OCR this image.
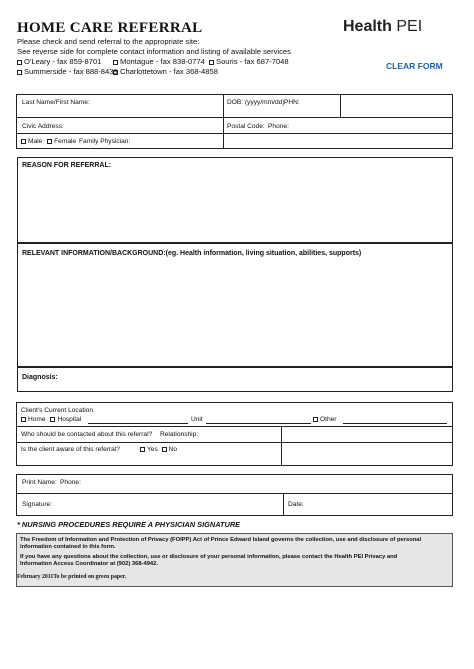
HOME CARE REFERRAL	Health PEI
Please check and send referral to the appropriate site:
See reverse side for complete contact information and listing of available services
O'Leary - fax 859-8701 Montague - fax 838-0774 Souris - fax 687-7048
Summerside - fax 888-8439 Charlottetown - fax 368-4858
CLEAR FORM
Last Name/First Name:	DOB: (yyyy/mm/dd) PHN:
Civic Address:	Postal Code: Phone:
Male Female Family Physician:
REASON FOR REFERRAL:
RELEVANT INFORMATION/BACKGROUND:(eg. Health information, living situation, abilities, supports)
Diagnosis:
Client's Current Location
Home Hospital	Unit	Other
Who should be contacted about this referral? Relationship:
Is the client aware of this referral?	Yes No
Print Name: Phone:
Signature:	Date:
* NURSING PROCEDURES REQUIRE A PHYSICIAN SIGNATURE
The Freedom of Information and Protection of Privacy (FOIPP) Act of Prince Edward Island governs the collection, use and disclosure of personal
information contained in this form.
If you have any questions about the collection, use or disclosure of your personal information, please contact the Health PEI Privacy and
Information Access Coordinator at (902) 368-4942.
February 2011To be printed on green paper.
